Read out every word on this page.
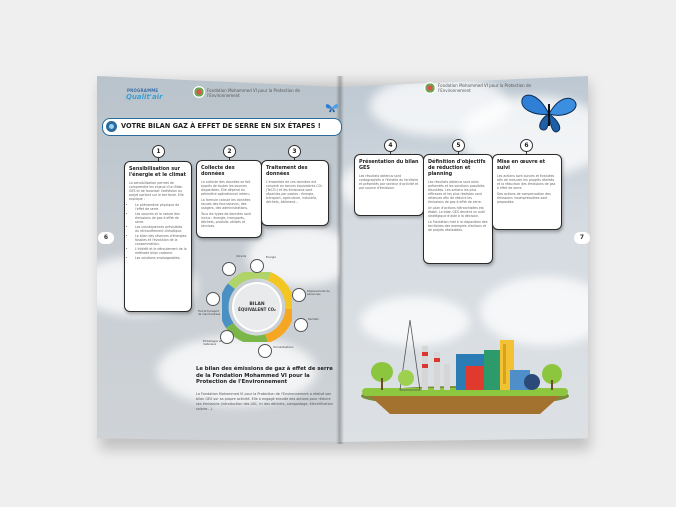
PROGRAMME
Qualit'air
Fondation Mohammed VI pour la Protection de l'Environnement
Fondation Mohammed VI pour la Protection de l'Environnement
6	7
VOTRE BILAN GAZ À EFFET DE SERRE EN SIX ÉTAPES !
1	2	3
4	5	6
Sensibilisation sur l'énergie et le climat

La sensibilisation permet de comprendre les enjeux d'un Bilan GES et de favoriser l'adhésion au projet portant sur le territoire. Elle explique :

• Le phénomène physique de l'effet de serre.
• Les sources et la nature des émissions de gaz à effet de serre.
• Les conséquences prévisibles du réchauffement climatique.
• Le bilan des réserves d'énergies fossiles et l'évolution de la consommation.
• L'intérêt et le déroulement de la méthode bilan carbone.
• Les solutions envisageables.
Collecte des données

La collecte des données se fait auprès de toutes les sources disponibles. Elle dépend du périmètre opérationnel retenu.

La formule calcule les données reçues des fournisseurs, des usagers, des administrations.

Tous les types de données sont inclus : énergie, transports, déchets, produits utilisés et services.

Traitement des données

L'ensemble de ces données est converti en tonnes équivalents CO₂ (TeCO₂) et les émissions sont réparties par postes : énergie, transport, agriculture, industrie, déchets, bâtiment...

Présentation du bilan GES

Les résultats obtenus sont cartographiés à l'échelle du territoire et présentés par secteur d'activité et par source d'émission.

Définition d'objectifs de réduction et planning

Les résultats obtenus sont alors présentés et les solutions possibles discutées. Les actions les plus efficaces et les plus réalistes sont retenues afin de réduire les émissions de gaz à effet de serre.

Un plan d'actions hiérarchisées est établi. Le bilan GES devient un outil stratégique d'aide à la décision.

La Fondation met à la disposition des territoires des exemples d'actions et de projets réalisables.

Mise en œuvre et suivi

Les actions sont suivies et évaluées afin de mesurer les progrès réalisés et la réduction des émissions de gaz à effet de serre.

Des actions de compensation des émissions incompressibles sont proposées.

BILAN
ÉQUIVALENT CO₂
Fret et transport de marchandises
Énergie
Déplacements de personnes
Intrants
Déchets
Immobilisations
Emballages et matériaux
Le bilan des émissions de gaz à effet de serre de la Fondation Mohammed VI pour la Protection de l'Environnement
La Fondation Mohammed VI pour la Protection de l'Environnement a réalisé son bilan GES sur sa propre activité. Elle a engagé ensuite des actions pour réduire ses émissions (introduction des LBC, tri des déchets, compostage, électrification solaire...).
